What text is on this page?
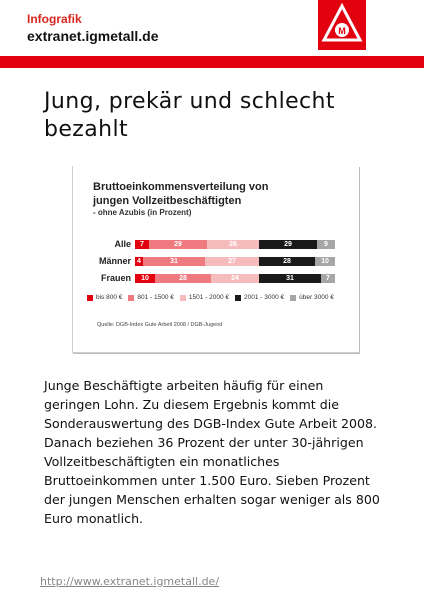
Infografik
extranet.igmetall.de	M
Jung, prekär und schlecht bezahlt
Bruttoeinkommensverteilung von
jungen Vollzeitbeschäftigten
- ohne Azubis (in Prozent)
Alle	7	29	26	29	9
Männer 4	31	27	28	10
Frauen	10	28	24	31	7
bis 800 € 801 - 1500 € 1501 - 2000 € 2001 - 3000 € über 3000 €
Quelle: DGB-Index Gute Arbeit 2008 / DGB-Jugend
Junge Beschäftigte arbeiten häufig für einen geringen Lohn. Zu diesem Ergebnis kommt die Sonderauswertung des DGB-Index Gute Arbeit 2008. Danach beziehen 36 Prozent der unter 30-jährigen Vollzeitbeschäftigten ein monatliches Bruttoeinkommen unter 1.500 Euro. Sieben Prozent der jungen Menschen erhalten sogar weniger als 800 Euro monatlich.
http://www.extranet.igmetall.de/
